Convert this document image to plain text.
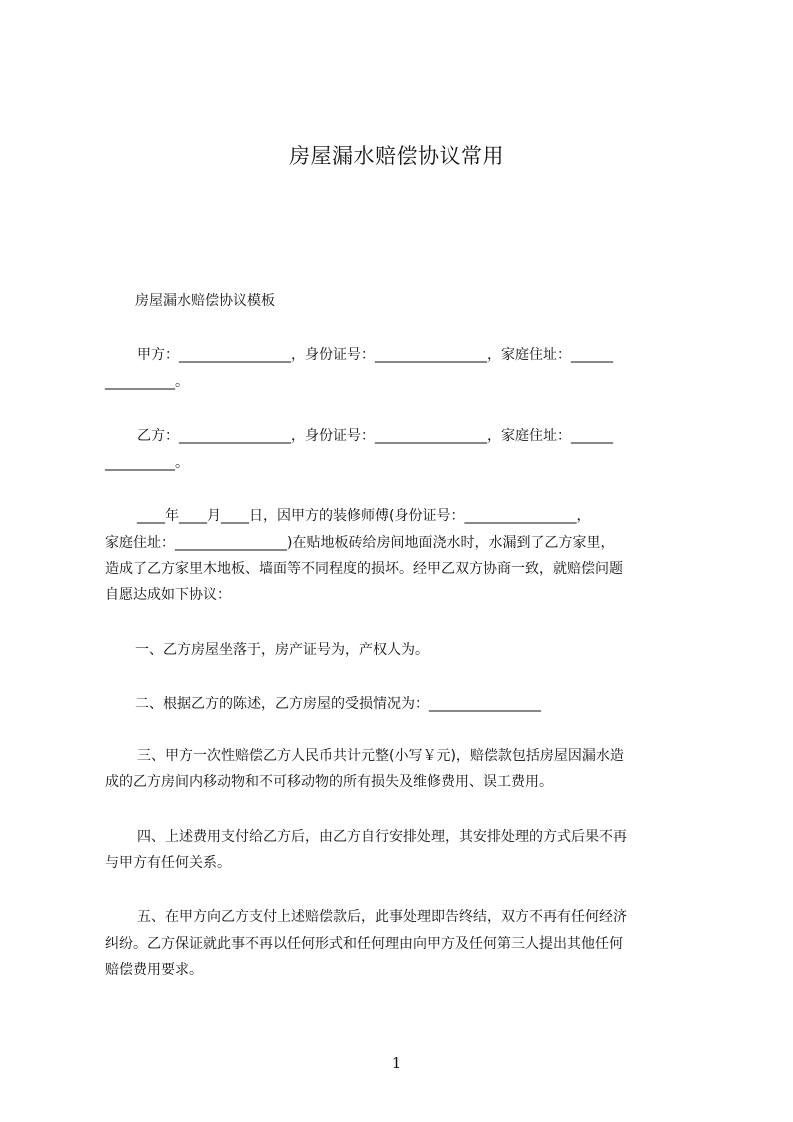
房屋漏水赔偿协议常用
房屋漏水赔偿协议模板
甲方：________________，身份证号：________________，家庭住址：______
__________。
乙方：________________，身份证号：________________，家庭住址：______
__________。
____年____月____日，因甲方的装修师傅(身份证号：________________，
家庭住址：________________)在贴地板砖给房间地面浇水时，水漏到了乙方家里，
造成了乙方家里木地板、墙面等不同程度的损坏。经甲乙双方协商一致，就赔偿问题
自愿达成如下协议：
一、乙方房屋坐落于，房产证号为，产权人为。
二、根据乙方的陈述，乙方房屋的受损情况为：________________
三、甲方一次性赔偿乙方人民币共计元整(小写￥元)，赔偿款包括房屋因漏水造
成的乙方房间内移动物和不可移动物的所有损失及维修费用、误工费用。
四、上述费用支付给乙方后，由乙方自行安排处理，其安排处理的方式后果不再
与甲方有任何关系。
五、在甲方向乙方支付上述赔偿款后，此事处理即告终结，双方不再有任何经济
纠纷。乙方保证就此事不再以任何形式和任何理由向甲方及任何第三人提出其他任何
赔偿费用要求。
1
